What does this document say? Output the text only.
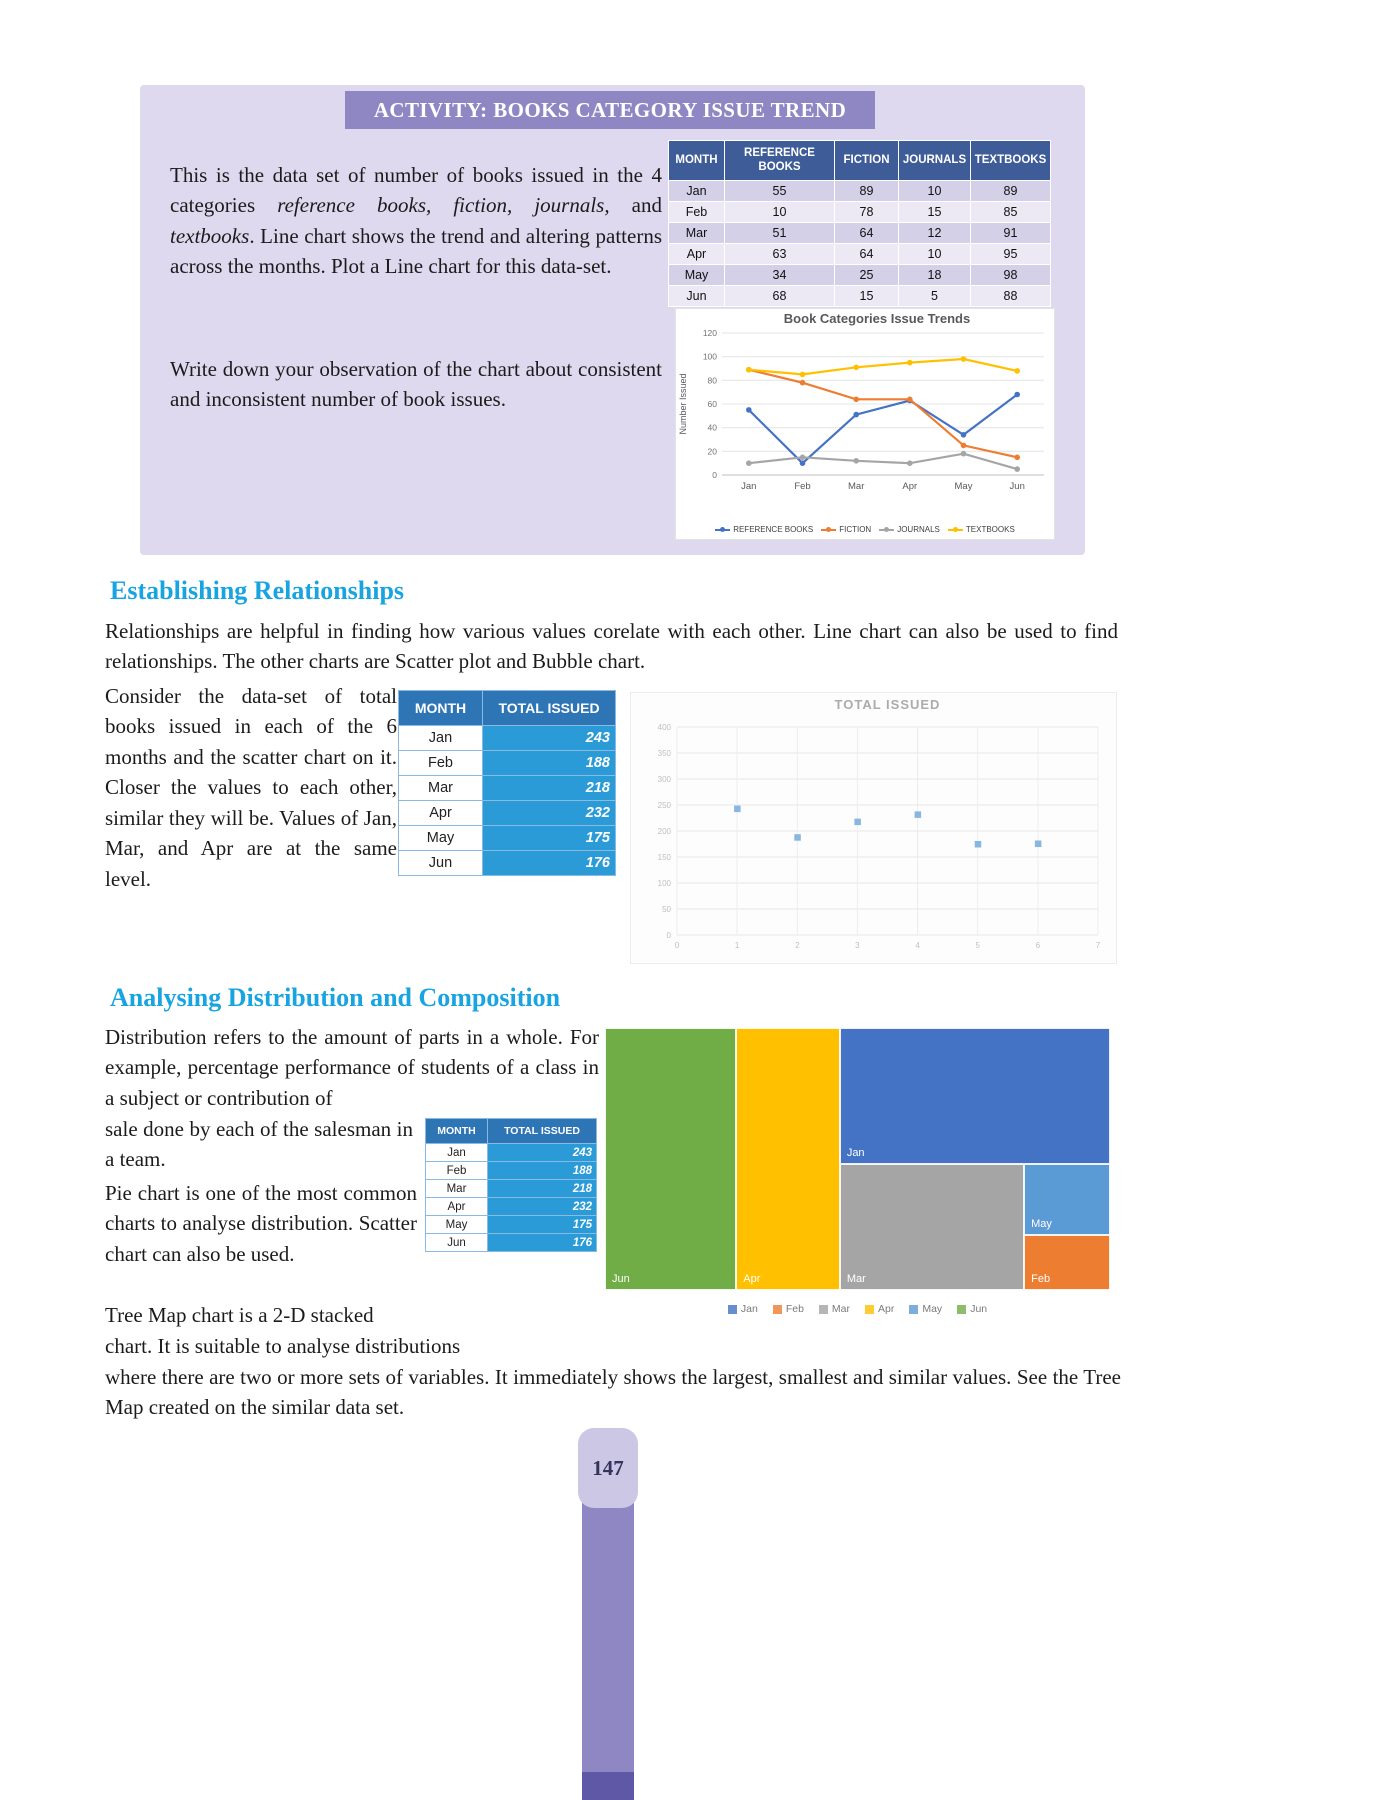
ACTIVITY: BOOKS CATEGORY ISSUE TREND

This is the data set of number of books issued in the 4 categories reference books, fiction, journals, and textbooks. Line chart shows the trend and altering patterns across the months. Plot a Line chart for this data-set.

Write down your observation of the chart about consistent and inconsistent number of book issues.

MONTH	REFERENCE BOOKS	FICTION	JOURNALS	TEXTBOOKS
Jan	55	89	10	89
Feb	10	78	15	85
Mar	51	64	12	91
Apr	63	64	10	95
May	34	25	18	98
Jun	68	15	5	88
Book Categories Issue Trends
Number Issued
0
20
40
60
80
100
120
Jan	Feb	Mar	Apr	May	Jun
REFERENCE BOOKS	FICTION	JOURNALS	TEXTBOOKS
Establishing Relationships

Relationships are helpful in finding how various values corelate with each other. Line chart can also be used to find relationships. The other charts are Scatter plot and Bubble chart.

Consider the data-set of total books issued in each of the 6 months and the scatter chart on it. Closer the values to each other, similar they will be. Values of Jan, Mar, and Apr are at the same level.

MONTH	TOTAL ISSUED
Jan	243
Feb	188
Mar	218
Apr	232
May	175
Jun	176
TOTAL ISSUED
0
50
100
150
200
250
300
350
400
0	1	2	3	4	5	6	7
Analysing Distribution and Composition

Distribution refers to the amount of parts in a whole. For example, percentage performance of students of a class in a subject or contribution of

sale done by each of the salesman in a team.

Pie chart is one of the most common charts to analyse distribution. Scatter chart can also be used.

Tree Map chart is a 2-D stacked

chart. It is suitable to analyse distributions

where there are two or more sets of variables. It immediately shows the largest, smallest and similar values. See the Tree Map created on the similar data set.

MONTH	TOTAL ISSUED
Jan	243
Feb	188
Mar	218
Apr	232
May	175
Jun	176
Jun	Apr
Jan
Mar
May
Feb
Jan	Feb	Mar	Apr	May	Jun
147
